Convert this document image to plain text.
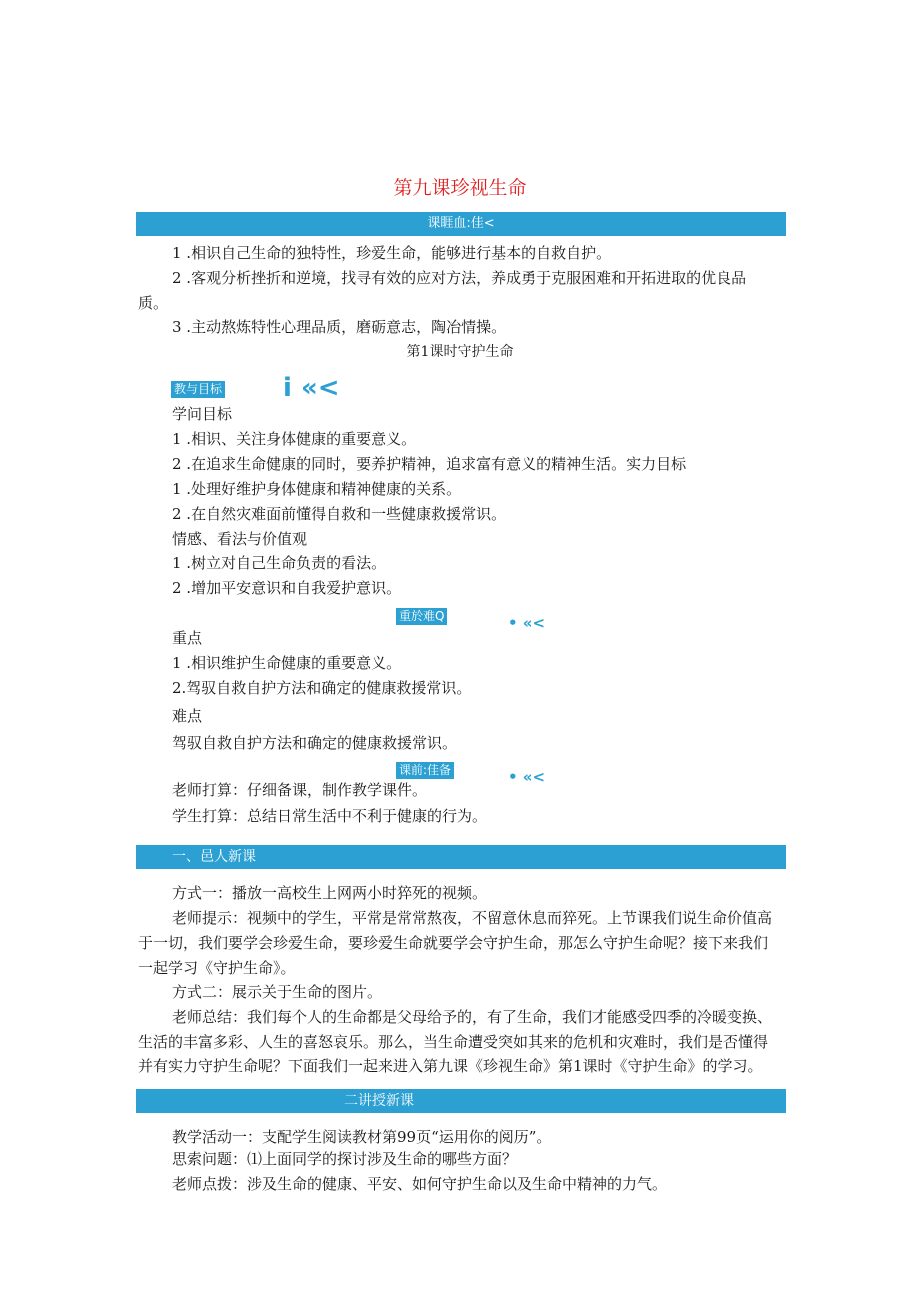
第九课珍视生命
课睚血:佳<
1 .相识自己生命的独特性，珍爱生命，能够进行基本的自救自护。
2 .客观分析挫折和逆境，找寻有效的应对方法，养成勇于克服困难和开拓进取的优良品
质。
3 .主动熬炼特性心理品质，磨砺意志，陶冶情操。
第1课时守护生命
教与目标 i «<
学问目标
1 .相识、关注身体健康的重要意义。
2 .在追求生命健康的同时，要养护精神，追求富有意义的精神生活。实力目标
1 .处理好维护身体健康和精神健康的关系。
2 .在自然灾难面前懂得自救和一些健康救援常识。
情感、看法与价值观
1 .树立对自己生命负责的看法。
2 .增加平安意识和自我爱护意识。
重於难Q	• «<
重点
1 .相识维护生命健康的重要意义。
2.驾驭自救自护方法和确定的健康救援常识。
难点
驾驭自救自护方法和确定的健康救援常识。
课前:佳备	• «<
老师打算：仔细备课，制作教学课件。
学生打算：总结日常生活中不利于健康的行为。
一、邑人新课
方式一：播放一高校生上网两小时猝死的视频。
老师提示：视频中的学生，平常是常常熬夜，不留意休息而猝死。上节课我们说生命价值高
于一切，我们要学会珍爱生命，要珍爱生命就要学会守护生命，那怎么守护生命呢？接下来我们
一起学习《守护生命》。
方式二：展示关于生命的图片。
老师总结：我们每个人的生命都是父母给予的，有了生命，我们才能感受四季的冷暖变换、
生活的丰富多彩、人生的喜怒哀乐。那么，当生命遭受突如其来的危机和灾难时，我们是否懂得
并有实力守护生命呢？下面我们一起来进入第九课《珍视生命》第1课时《守护生命》的学习。
二讲授新课
教学活动一：支配学生阅读教材第99页“运用你的阅历”。
思索问题：⑴上面同学的探讨涉及生命的哪些方面？
老师点拨：涉及生命的健康、平安、如何守护生命以及生命中精神的力气。
